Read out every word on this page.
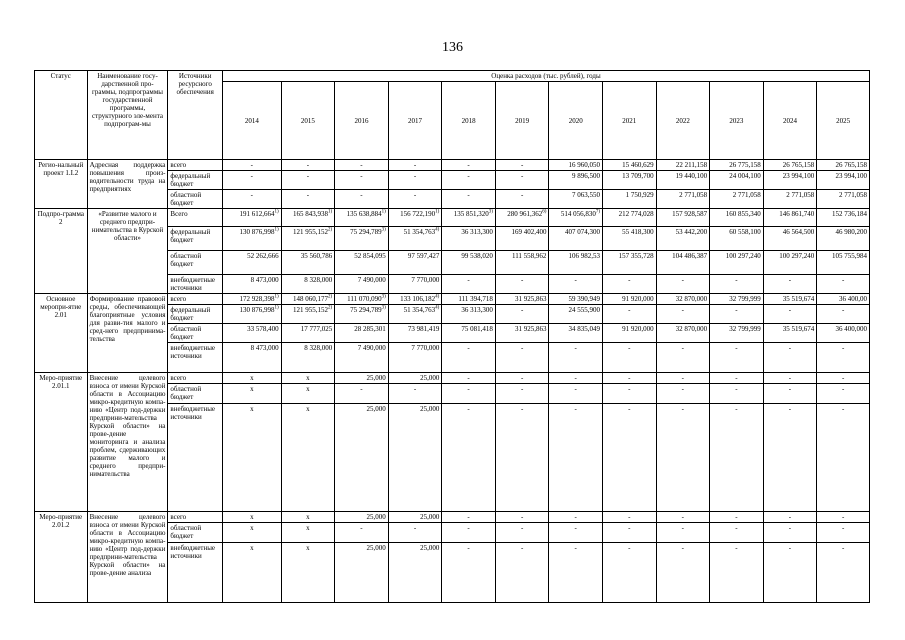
136
Статус	Наименование госу-дарственной про-граммы, подпрограммы государственной программы, структурного эле-мента подпрограм-мы	Источники ресурсного обеспечения	Оценка расходов (тыс. рублей), годы											
			2014	2015	2016	2017	2018	2019	2020	2021	2022	2023	2024	2025
Регио-нальный проект 1.I.2	Адресная поддержка повышения произ-водительности труда на предприятиях	всего	-	-	-	-	-	-	16 960,050	15 460,629	22 211,158	26 775,158	26 765,158	26 765,158
		федеральный бюджет	-	-	-	-	-	-	9 896,500	13 709,700	19 440,100	24 004,100	23 994,100	23 994,100
		областной бюджет	-	-	-	-	-	-	7 063,550	1 750,929	2 771,058	2 771,058	2 771,058	2 771,058
Подпро-грамма 2	«Развитие малого и среднего предпри-нимательства в Курской области»	Всего	191 612,664$^{1)}$	165 843,938$^{1)}$	135 638,884$^{1)}$	156 722,190$^{1)}$	135 851,320$^{3)}$	280 961,362$^{6)}$	514 056,830$^{7)}$	212 774,028	157 928,587	160 855,340	146 861,740	152 736,184
		федеральный бюджет	130 876,998$^{1)}$	121 955,152$^{2)}$	75 294,789$^{3)}$	51 354,763$^{4)}$	36 313,300	169 402,400	407 074,300	55 418,300	53 442,200	60 558,100	46 564,500	46 980,200
		областной бюджет	52 262,666	35 560,786	52 854,095	97 597,427	99 538,020	111 558,962	106 982,53	157 355,728	104 486,387	100 297,240	100 297,240	105 755,984
		внебюджетные источники	8 473,000	8 328,000	7 490,000	7 770,000	-	-	-	-	-	-	-	-
Основное меропри-ятие 2.01	Формирование правовой среды, обеспечивающей благоприятные условия для разви-тия малого и сред-него предпринима-тельства	всего	172 928,398$^{1)}$	148 060,177$^{2)}$	111 070,090$^{3)}$	133 106,182$^{4)}$	111 394,718	31 925,863	59 390,949	91 920,000	32 870,000	32 799,999	35 519,674	36 400,00
		федеральный бюджет	130 876,998$^{1)}$	121 955,152$^{2)}$	75 294,789$^{3)}$	51 354,763$^{4)}$	36 313,300	-	24 555,900	-	-	-	-	-
		областной бюджет	33 578,400	17 777,025	28 285,301	73 981,419	75 081,418	31 925,863	34 835,049	91 920,000	32 870,000	32 799,999	35 519,674	36 400,000
		внебюджетные источники	8 473,000	8 328,000	7 490,000	7 770,000	-	-	-	-	-	-	-	-
Меро-приятие 2.01.1	Внесение целевого взноса от имени Курской области в Ассоциацию микро-кредитную компа-нию «Центр под-держки предприни-мательства Курской области» на прове-дение мониторинга и анализа проблем, сдерживающих развитие малого и среднего предпри-нимательства	всего	x	x	25,000	25,000	-	-	-	-	-	-	-	-
		областной бюджет	x	x	-	-	-	-	-	-	-	-	-	-
		внебюджетные источники	x	x	25,000	25,000	-	-	-	-	-	-	-	-
Меро-приятие 2.01.2	Внесение целевого взноса от имени Курской области в Ассоциацию микро-кредитную компа-нию «Центр под-держки предприни-мательства Курской области» на прове-дение анализа	всего	x	x	25,000	25,000	-	-	-	-	-	-	-	-
		областной бюджет	x	x	-	-	-	-	-	-	-	-	-	-
		внебюджетные источники	x	x	25,000	25,000	-	-	-	-	-	-	-	-
